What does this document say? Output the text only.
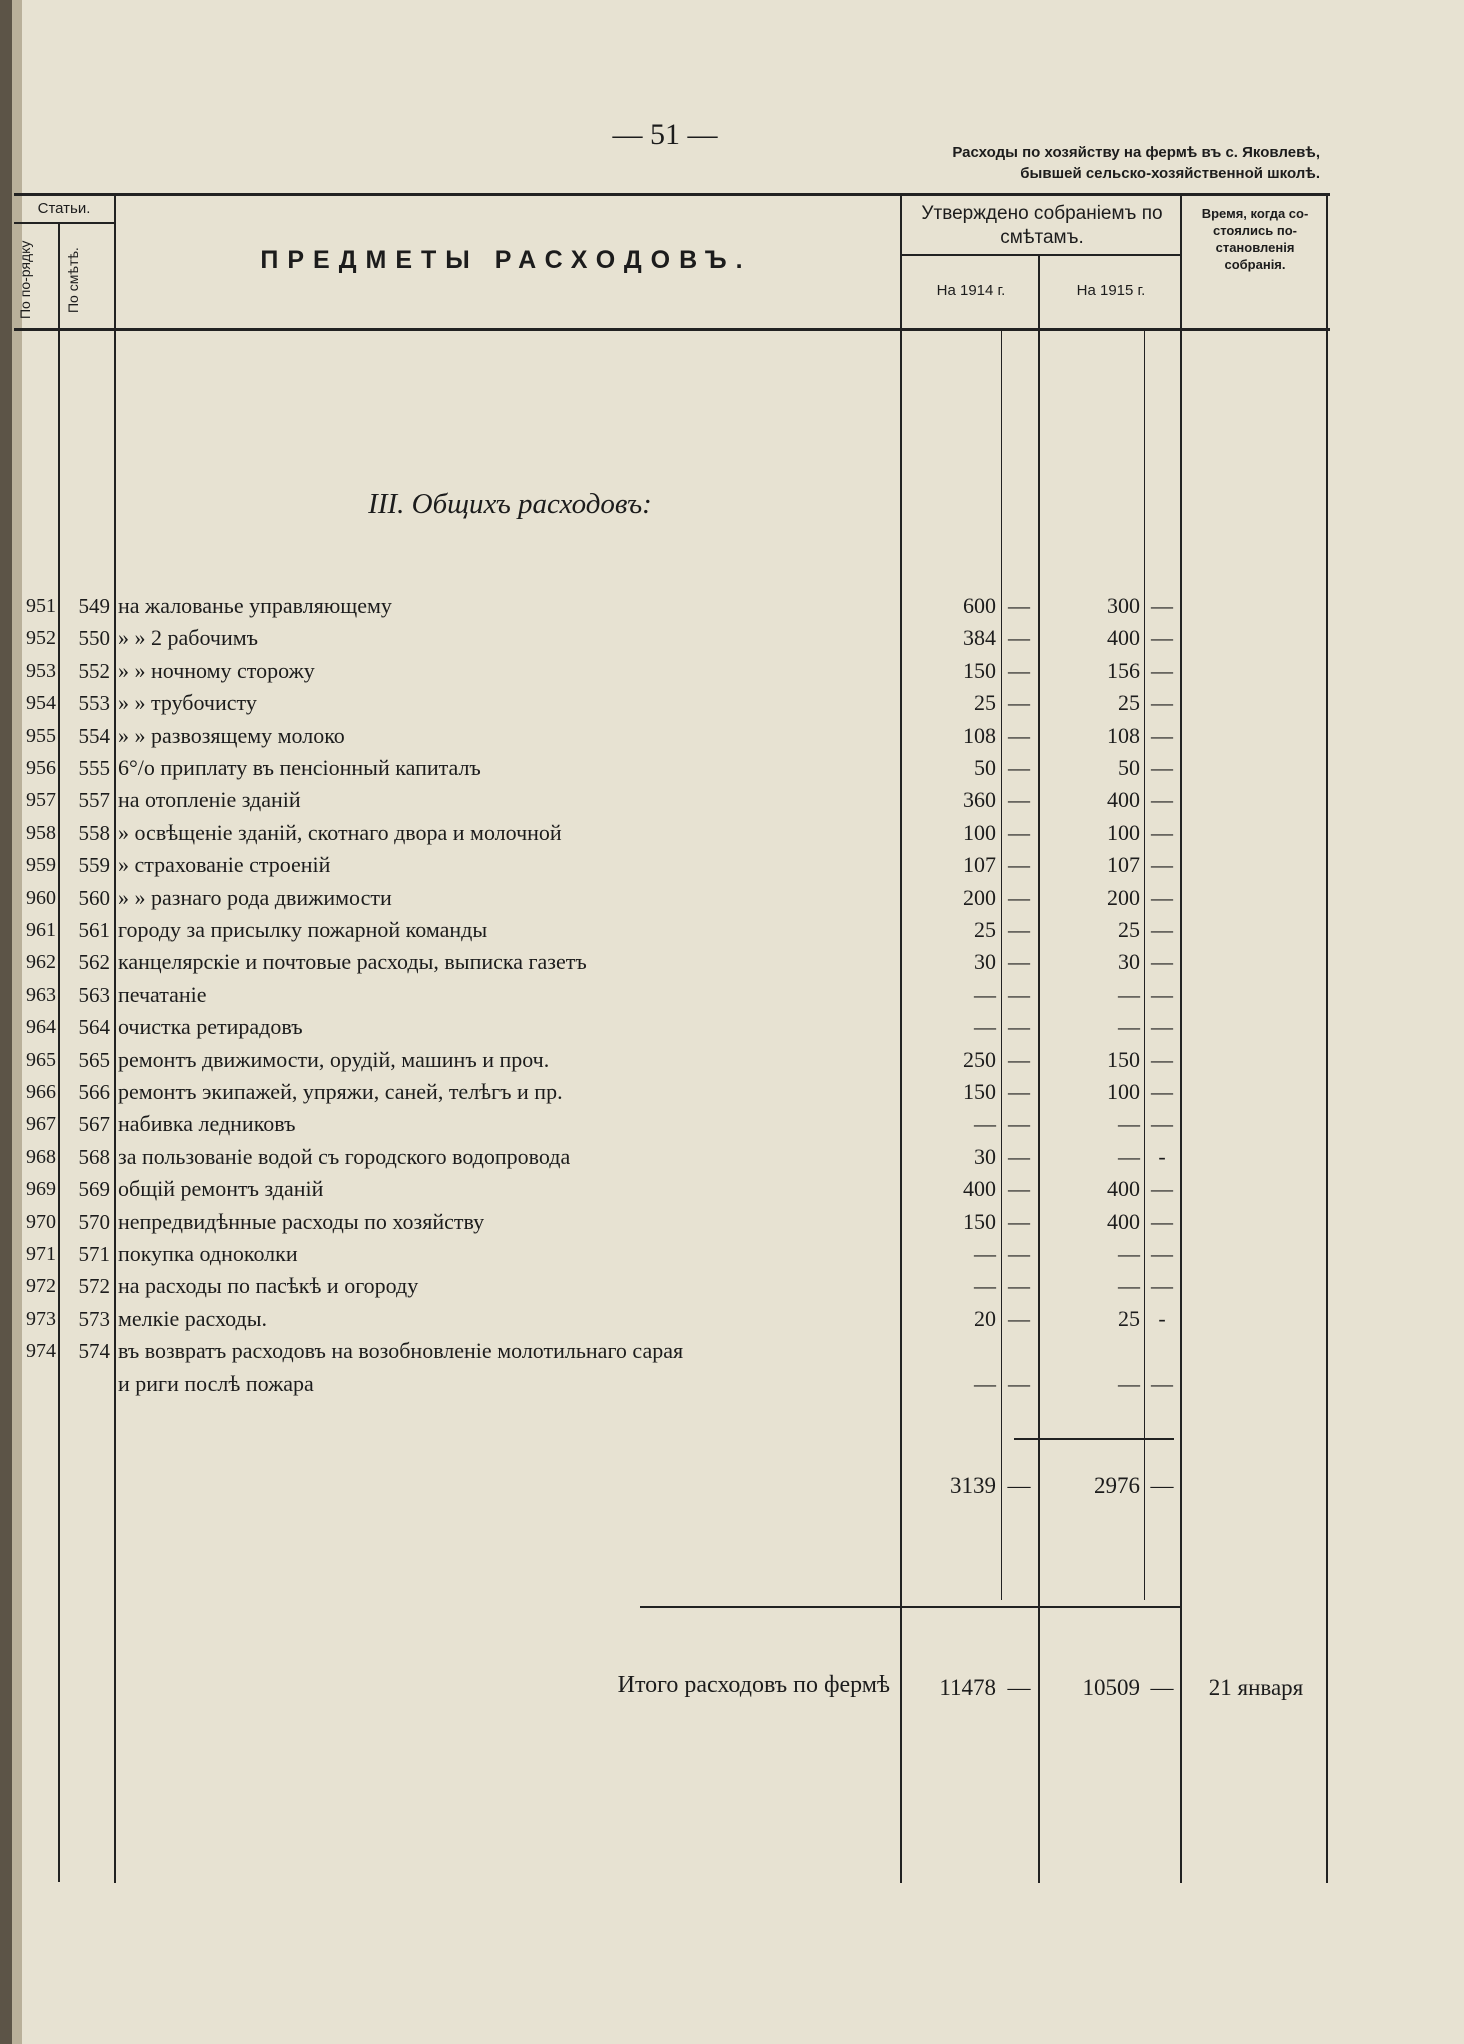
— 51 —
Расходы по хозяйству на фермѣ въ с. Яковлевѣ,
бывшей сельско-хозяйственной школѣ.
Статьи.
По по-рядку	По смѣтѣ.	ПРЕДМЕТЫ РАСХОДОВЪ.
Утверждено собраніемъ по смѣтамъ.
На 1914 г.	На 1915 г.
Время, когда со-стоялись по-становленія собранія.
III. Общихъ расходовъ:
951	549 на жалованье управляющему	600 —	300 —
952	550 » » 2 рабочимъ	384 —	400 —
953	552 » » ночному сторожу	150 —	156 —
954	553 » » трубочисту	25 —	25 —
955	554 » » развозящему молоко	108 —	108 —
956	555 6°/о приплату въ пенсіонный капиталъ	50 —	50 —
957	557 на отопленіе зданій	360 —	400 —
958	558 » освѣщеніе зданій, скотнаго двора и молочной	100 —	100 —
959	559 » страхованіе строеній	107 —	107 —
960	560 » » разнаго рода движимости	200 —	200 —
961	561 городу за присылку пожарной команды	25 —	25 —
962	562 канцелярскіе и почтовые расходы, выписка газетъ	30 —	30 —
963	563 печатаніе	— —	— —
964	564 очистка ретирадовъ	— —	— —
965	565 ремонтъ движимости, орудій, машинъ и проч.	250 —	150 —
966	566 ремонтъ экипажей, упряжи, саней, телѣгъ и пр.	150 —	100 —
967	567 набивка ледниковъ	— —	— —
968	568 за пользованіе водой съ городского водопровода	30 —	— -
969	569 общій ремонтъ зданій	400 —	400 —
970	570 непредвидѣнные расходы по хозяйству	150 —	400 —
971	571 покупка одноколки	— —	— —
972	572 на расходы по пасѣкѣ и огороду	— —	— —
973	573 мелкіе расходы.	20 —	25 -
974	574 въ возвратъ расходовъ на возобновленіе молотильнаго сарая
и риги послѣ пожара	— —	— —
3139 —	2976 —
Итого расходовъ по фермѣ	11478 —	10509 —	21 января
